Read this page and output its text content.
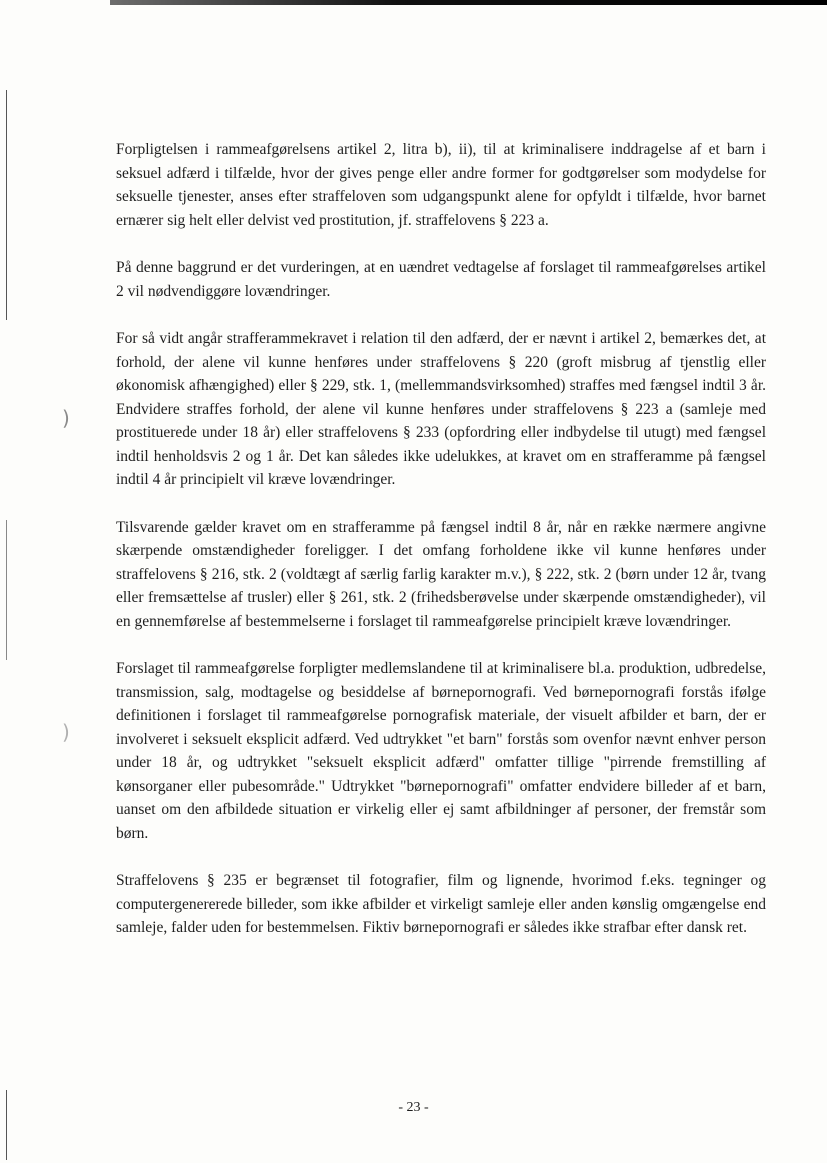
)
)

Forpligtelsen i rammeafgørelsens artikel 2, litra b), ii), til at kriminalisere inddragelse af et barn i seksuel adfærd i tilfælde, hvor der gives penge eller andre former for godtgørelser som modydelse for seksuelle tjenester, anses efter straffeloven som udgangspunkt alene for opfyldt i tilfælde, hvor barnet ernærer sig helt eller delvist ved prostitution, jf. straffelovens § 223 a.

På denne baggrund er det vurderingen, at en uændret vedtagelse af forslaget til rammeafgørelses artikel 2 vil nødvendiggøre lovændringer.

For så vidt angår strafferammekravet i relation til den adfærd, der er nævnt i artikel 2, bemærkes det, at forhold, der alene vil kunne henføres under straffelovens § 220 (groft misbrug af tjenstlig eller økonomisk afhængighed) eller § 229, stk. 1, (mellemmandsvirksomhed) straffes med fængsel indtil 3 år. Endvidere straffes forhold, der alene vil kunne henføres under straffelovens § 223 a (samleje med prostituerede under 18 år) eller straffelovens § 233 (opfordring eller indbydelse til utugt) med fængsel indtil henholdsvis 2 og 1 år. Det kan således ikke udelukkes, at kravet om en strafferamme på fængsel indtil 4 år principielt vil kræve lovændringer.

Tilsvarende gælder kravet om en strafferamme på fængsel indtil 8 år, når en række nærmere angivne skærpende omstændigheder foreligger. I det omfang forholdene ikke vil kunne henføres under straffelovens § 216, stk. 2 (voldtægt af særlig farlig karakter m.v.), § 222, stk. 2 (børn under 12 år, tvang eller fremsættelse af trusler) eller § 261, stk. 2 (frihedsberøvelse under skærpende omstændigheder), vil en gennemførelse af bestemmelserne i forslaget til rammeafgørelse principielt kræve lovændringer.

Forslaget til rammeafgørelse forpligter medlemslandene til at kriminalisere bl.a. produktion, udbredelse, transmission, salg, modtagelse og besiddelse af børnepornografi. Ved børnepornografi forstås ifølge definitionen i forslaget til rammeafgørelse pornografisk materiale, der visuelt afbilder et barn, der er involveret i seksuelt eksplicit adfærd. Ved udtrykket "et barn" forstås som ovenfor nævnt enhver person under 18 år, og udtrykket "seksuelt eksplicit adfærd" omfatter tillige "pirrende fremstilling af kønsorganer eller pubesområde." Udtrykket "børnepornografi" omfatter endvidere billeder af et barn, uanset om den afbildede situation er virkelig eller ej samt afbildninger af personer, der fremstår som børn.

Straffelovens § 235 er begrænset til fotografier, film og lignende, hvorimod f.eks. tegninger og computergenererede billeder, som ikke afbilder et virkeligt samleje eller anden kønslig omgængelse end samleje, falder uden for bestemmelsen. Fiktiv børnepornografi er således ikke strafbar efter dansk ret.

- 23 -
